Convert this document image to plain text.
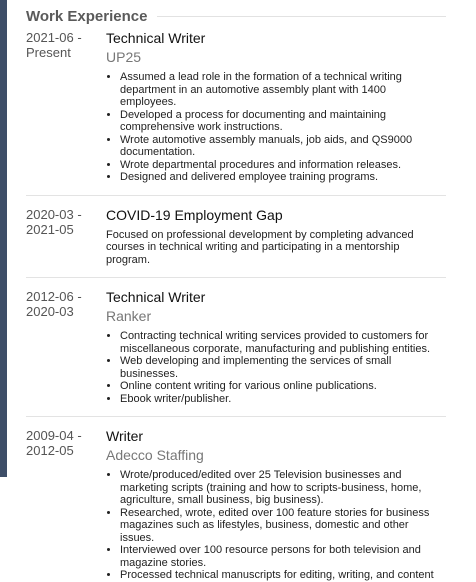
Work Experience
2021-06 -
Present
Technical Writer
UP25
• Assumed a lead role in the formation of a technical writing department in an automotive assembly plant with 1400 employees.
• Developed a process for documenting and maintaining comprehensive work instructions.
• Wrote automotive assembly manuals, job aids, and QS9000 documentation.
• Wrote departmental procedures and information releases.
• Designed and delivered employee training programs.
2020-03 -
2021-05
COVID-19 Employment Gap
Focused on professional development by completing advanced courses in technical writing and participating in a mentorship program.
2012-06 -
2020-03
Technical Writer
Ranker
• Contracting technical writing services provided to customers for miscellaneous corporate, manufacturing and publishing entities.
• Web developing and implementing the services of small businesses.
• Online content writing for various online publications.
• Ebook writer/publisher.
2009-04 -
2012-05
Writer
Adecco Staffing
• Wrote/produced/edited over 25 Television businesses and marketing scripts (training and how to scripts-business, home, agriculture, small business, big business).
• Researched, wrote, edited over 100 feature stories for business magazines such as lifestyles, business, domestic and other issues.
• Interviewed over 100 resource persons for both television and magazine stories.
• Processed technical manuscripts for editing, writing, and content
